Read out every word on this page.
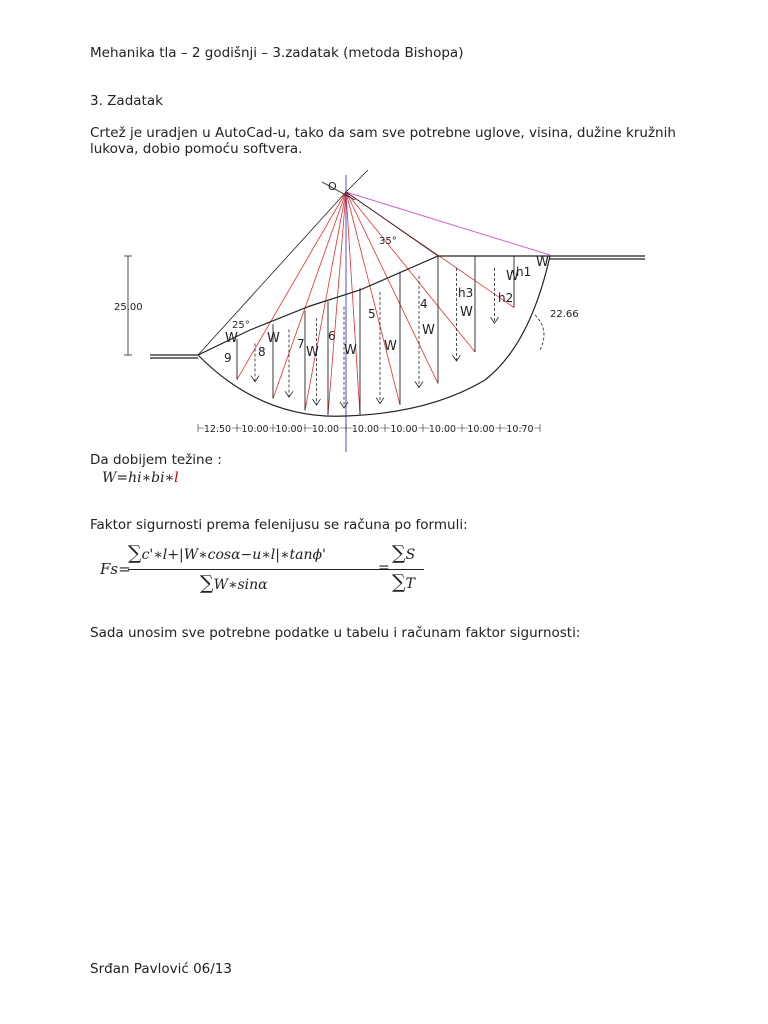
Mehanika tla – 2 godišnji – 3.zadatak (metoda Bishopa)
3. Zadatak
Crtež je uradjen u AutoCad-u, tako da sam sve potrebne uglove, visina, dužine kružnih lukova, dobio pomoću softvera.
25.00
O
35°
25°
22.66
9 8
7
6
5
4
W W
W W W
W
W
W
W
h1
h2
h3
12.50 10.00 10.00 10.00 10.00 10.00 10.00 10.00 10.70
Da dobijem težine :
W=hi∗bi∗l
Faktor sigurnosti prema felenijusu se računa po formuli:
Fs=
∑c'∗l+|W∗cosα−u∗l|∗tanϕ'
∑W∗sinα
=
∑S
∑T
Sada unosim sve potrebne podatke u tabelu i računam faktor sigurnosti:
Srđan Pavlović 06/13
